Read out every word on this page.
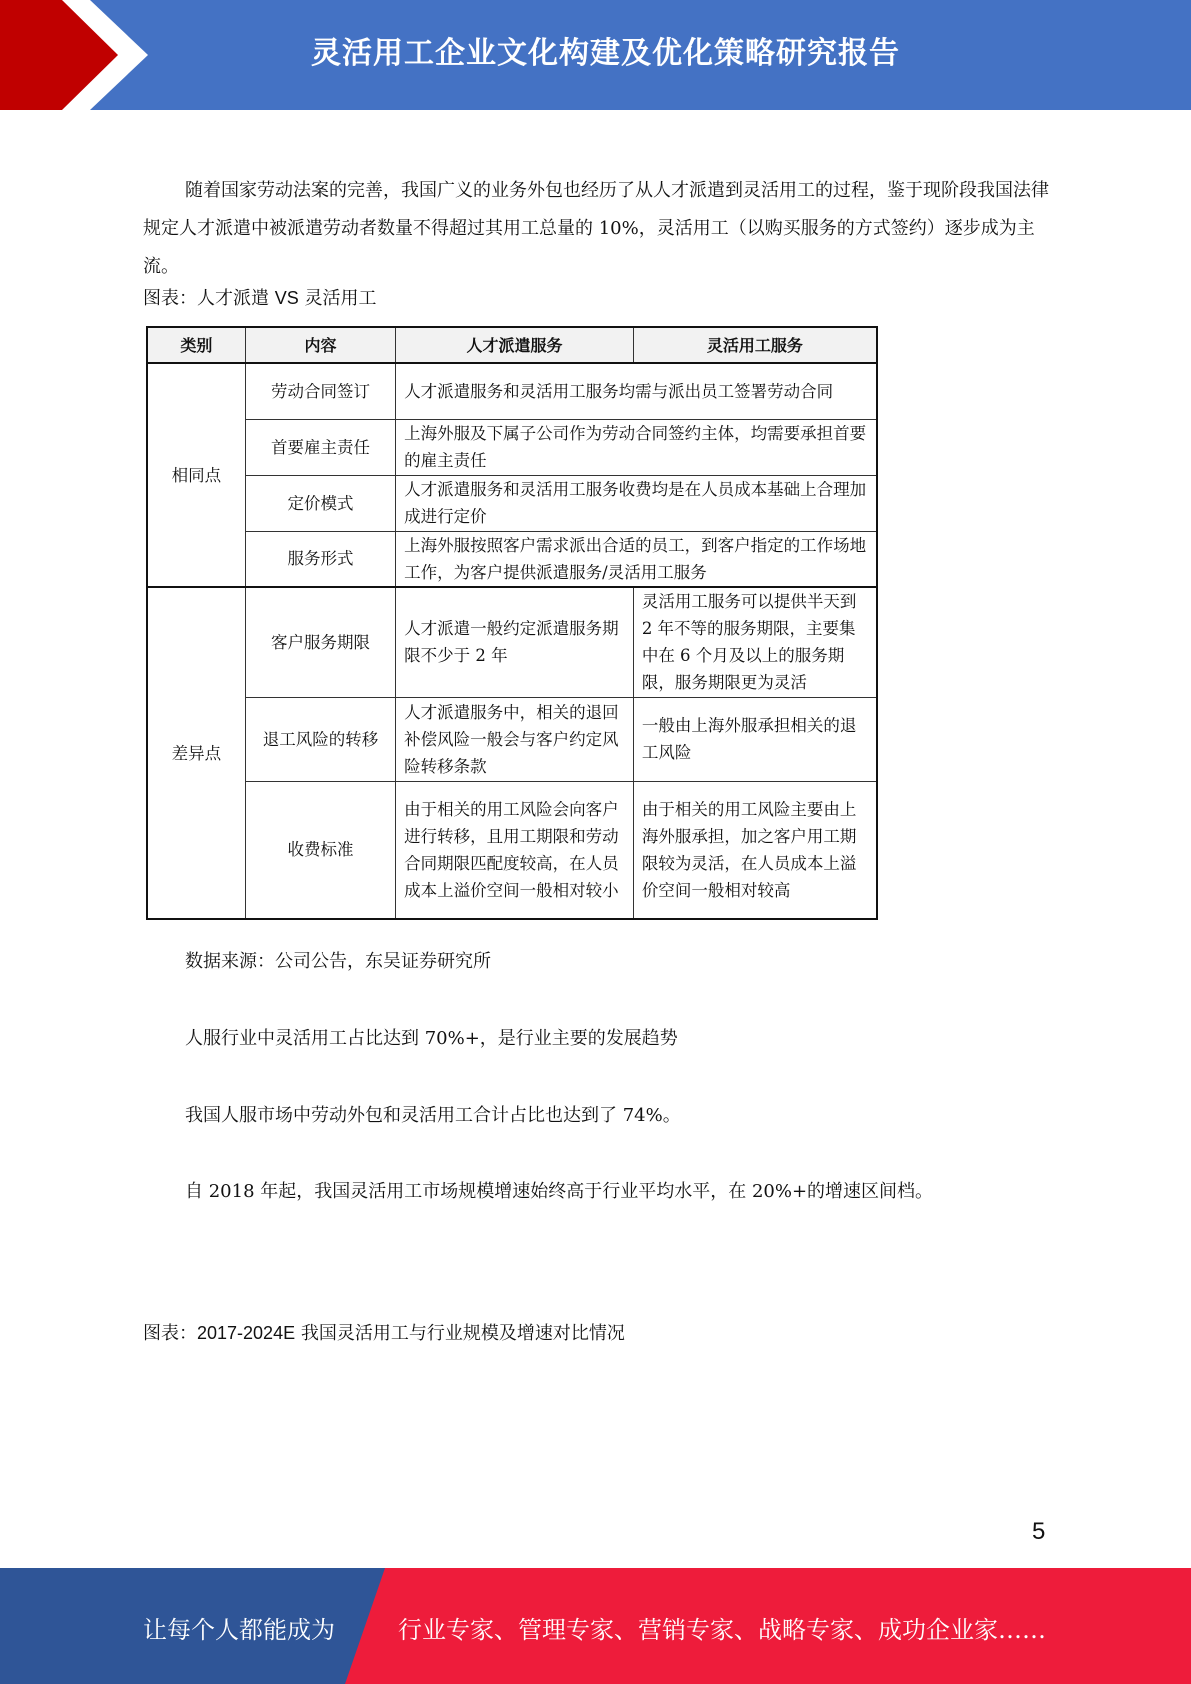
灵活用工企业文化构建及优化策略研究报告
随着国家劳动法案的完善，我国广义的业务外包也经历了从人才派遣到灵活用工的过程，鉴于现阶段我国法律规定人才派遣中被派遣劳动者数量不得超过其用工总量的 10%，灵活用工（以购买服务的方式签约）逐步成为主流。
图表：人才派遣 VS 灵活用工
类别	内容	人才派遣服务	灵活用工服务
相同点	劳动合同签订	人才派遣服务和灵活用工服务均需与派出员工签署劳动合同	
	首要雇主责任	上海外服及下属子公司作为劳动合同签约主体，均需要承担首要的雇主责任	
	定价模式	人才派遣服务和灵活用工服务收费均是在人员成本基础上合理加成进行定价	
	服务形式	上海外服按照客户需求派出合适的员工，到客户指定的工作场地工作，为客户提供派遣服务/灵活用工服务	
差异点	客户服务期限	人才派遣一般约定派遣服务期限不少于 2 年	灵活用工服务可以提供半天到 2 年不等的服务期限，主要集中在 6 个月及以上的服务期限，服务期限更为灵活
	退工风险的转移	人才派遣服务中，相关的退回补偿风险一般会与客户约定风险转移条款	一般由上海外服承担相关的退工风险
	收费标准	由于相关的用工风险会向客户进行转移，且用工期限和劳动合同期限匹配度较高，在人员成本上溢价空间一般相对较小	由于相关的用工风险主要由上海外服承担，加之客户用工期限较为灵活，在人员成本上溢价空间一般相对较高
数据来源：公司公告，东吴证券研究所
人服行业中灵活用工占比达到 70%+，是行业主要的发展趋势
我国人服市场中劳动外包和灵活用工合计占比也达到了 74%。
自 2018 年起，我国灵活用工市场规模增速始终高于行业平均水平，在 20%+的增速区间档。
图表：2017-2024E 我国灵活用工与行业规模及增速对比情况
5
让每个人都能成为	行业专家、管理专家、营销专家、战略专家、成功企业家……
